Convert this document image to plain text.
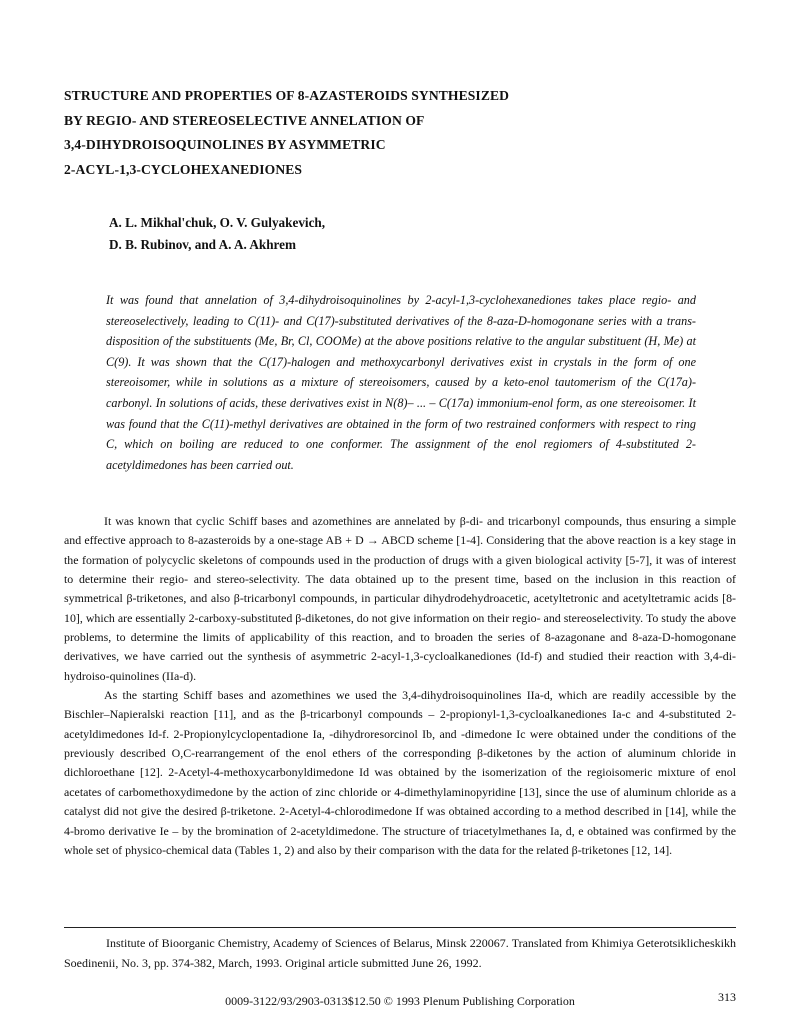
STRUCTURE AND PROPERTIES OF 8-AZASTEROIDS SYNTHESIZED
BY REGIO- AND STEREOSELECTIVE ANNELATION OF
3,4-DIHYDROISOQUINOLINES BY ASYMMETRIC
2-ACYL-1,3-CYCLOHEXANEDIONES
A. L. Mikhal'chuk, O. V. Gulyakevich,
D. B. Rubinov, and A. A. Akhrem

It was found that annelation of 3,4-dihydroisoquinolines by 2-acyl-1,3-cyclohexanediones takes place regio- and stereoselectively, leading to C(11)- and C(17)-substituted derivatives of the 8-aza-D-homogonane series with a trans-disposition of the substituents (Me, Br, Cl, COOMe) at the above positions relative to the angular substituent (H, Me) at C(9). It was shown that the C(17)-halogen and methoxycarbonyl derivatives exist in crystals in the form of one stereoisomer, while in solutions as a mixture of stereoisomers, caused by a keto-enol tautomerism of the C(17a)-carbonyl. In solutions of acids, these derivatives exist in N(8)– ... – C(17a) immonium-enol form, as one stereoisomer. It was found that the C(11)-methyl derivatives are obtained in the form of two restrained conformers with respect to ring C, which on boiling are reduced to one conformer. The assignment of the enol regiomers of 4-substituted 2-acetyldimedones has been carried out.

It was known that cyclic Schiff bases and azomethines are annelated by β-di- and tricarbonyl compounds, thus ensuring a simple and effective approach to 8-azasteroids by a one-stage AB + D → ABCD scheme [1-4]. Considering that the above reaction is a key stage in the formation of polycyclic skeletons of compounds used in the production of drugs with a given biological activity [5-7], it was of interest to determine their regio- and stereo-selectivity. The data obtained up to the present time, based on the inclusion in this reaction of symmetrical β-triketones, and also β-tricarbonyl compounds, in particular dihydrodehydroacetic, acetyltetronic and acetyltetramic acids [8-10], which are essentially 2-carboxy-substituted β-diketones, do not give information on their regio- and stereoselectivity. To study the above problems, to determine the limits of applicability of this reaction, and to broaden the series of 8-azagonane and 8-aza-D-homogonane derivatives, we have carried out the synthesis of asymmetric 2-acyl-1,3-cycloalkanediones (Id-f) and studied their reaction with 3,4-di-hydroiso-quinolines (IIa-d).

As the starting Schiff bases and azomethines we used the 3,4-dihydroisoquinolines IIa-d, which are readily accessible by the Bischler–Napieralski reaction [11], and as the β-tricarbonyl compounds – 2-propionyl-1,3-cycloalkanediones Ia-c and 4-substituted 2-acetyldimedones Id-f. 2-Propionylcyclopentadione Ia, -dihydroresorcinol Ib, and -dimedone Ic were obtained under the conditions of the previously described O,C-rearrangement of the enol ethers of the corresponding β-diketones by the action of aluminum chloride in dichloroethane [12]. 2-Acetyl-4-methoxycarbonyldimedone Id was obtained by the isomerization of the regioisomeric mixture of enol acetates of carbomethoxydimedone by the action of zinc chloride or 4-dimethylaminopyridine [13], since the use of aluminum chloride as a catalyst did not give the desired β-triketone. 2-Acetyl-4-chlorodimedone If was obtained according to a method described in [14], while the 4-bromo derivative Ie – by the bromination of 2-acetyldimedone. The structure of triacetylmethanes Ia, d, e obtained was confirmed by the whole set of physico-chemical data (Tables 1, 2) and also by their comparison with the data for the related β-triketones [12, 14].

Institute of Bioorganic Chemistry, Academy of Sciences of Belarus, Minsk 220067. Translated from Khimiya Geterotsiklicheskikh Soedinenii, No. 3, pp. 374-382, March, 1993. Original article submitted June 26, 1992.
0009-3122/93/2903-0313$12.50 © 1993 Plenum Publishing Corporation	313
